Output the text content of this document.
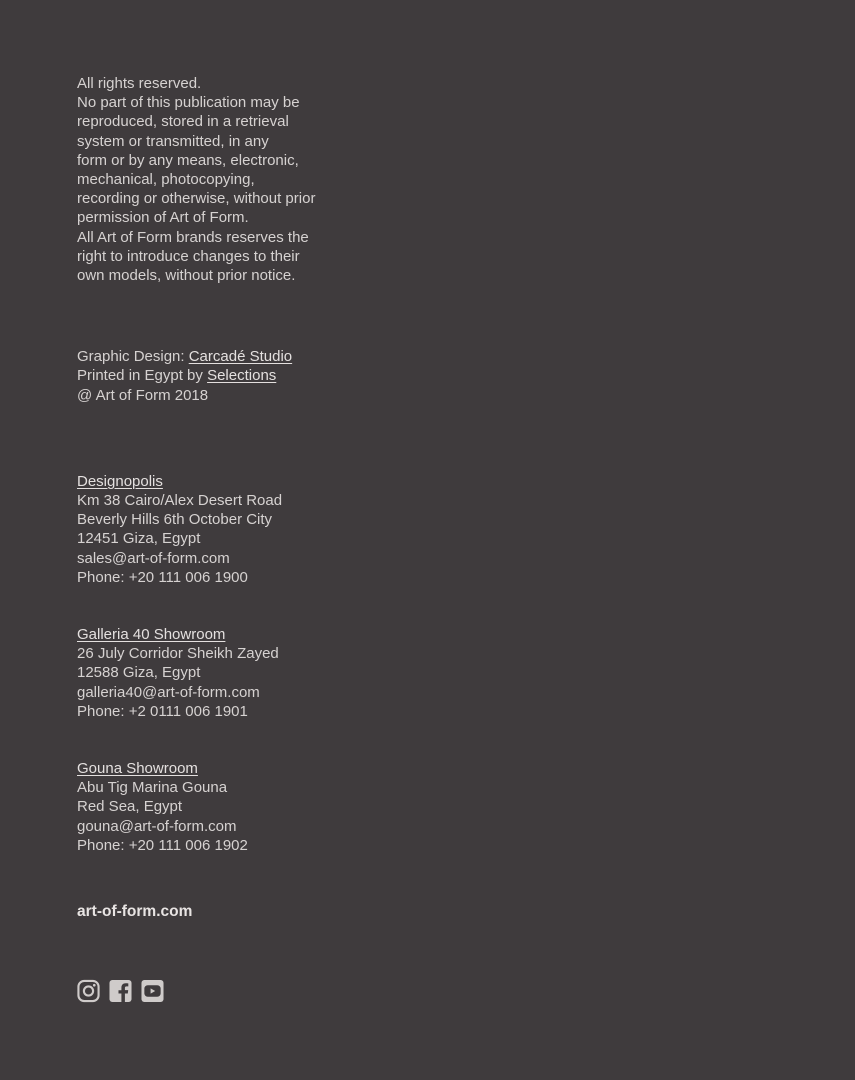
All rights reserved.
No part of this publication may be
reproduced, stored in a retrieval
system or transmitted, in any
form or by any means, electronic,
mechanical, photocopying,
recording or otherwise, without prior
permission of Art of Form.
All Art of Form brands reserves the
right to introduce changes to their
own models, without prior notice.
Graphic Design: Carcadé Studio
Printed in Egypt by Selections
@ Art of Form 2018
Designopolis
Km 38 Cairo/Alex Desert Road
Beverly Hills 6th October City
12451 Giza, Egypt
sales@art-of-form.com
Phone: +20 111 006 1900
Galleria 40 Showroom
26 July Corridor Sheikh Zayed
12588 Giza, Egypt
galleria40@art-of-form.com
Phone: +2 0111 006 1901
Gouna Showroom
Abu Tig Marina Gouna
Red Sea, Egypt
gouna@art-of-form.com
Phone: +20 111 006 1902
art-of-form.com
